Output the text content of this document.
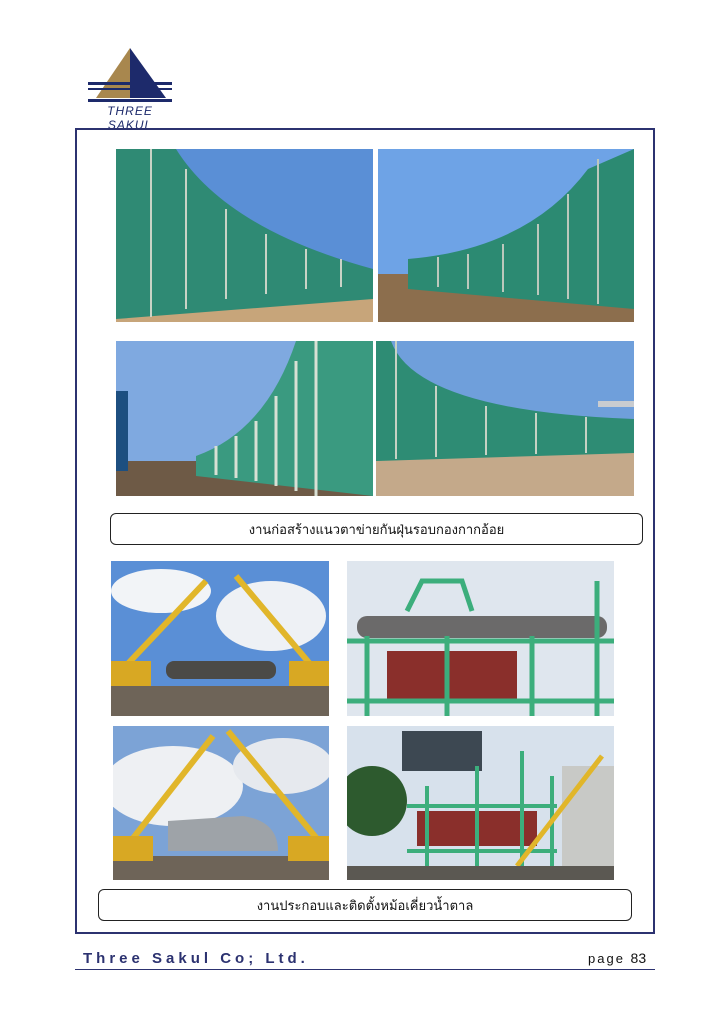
THREE SAKUL
งานก่อสร้างแนวตาข่ายกันฝุ่นรอบกองกากอ้อย
งานประกอบและติดตั้งหม้อเคี่ยวน้ำตาล
Three Sakul Co; Ltd.	page 83
